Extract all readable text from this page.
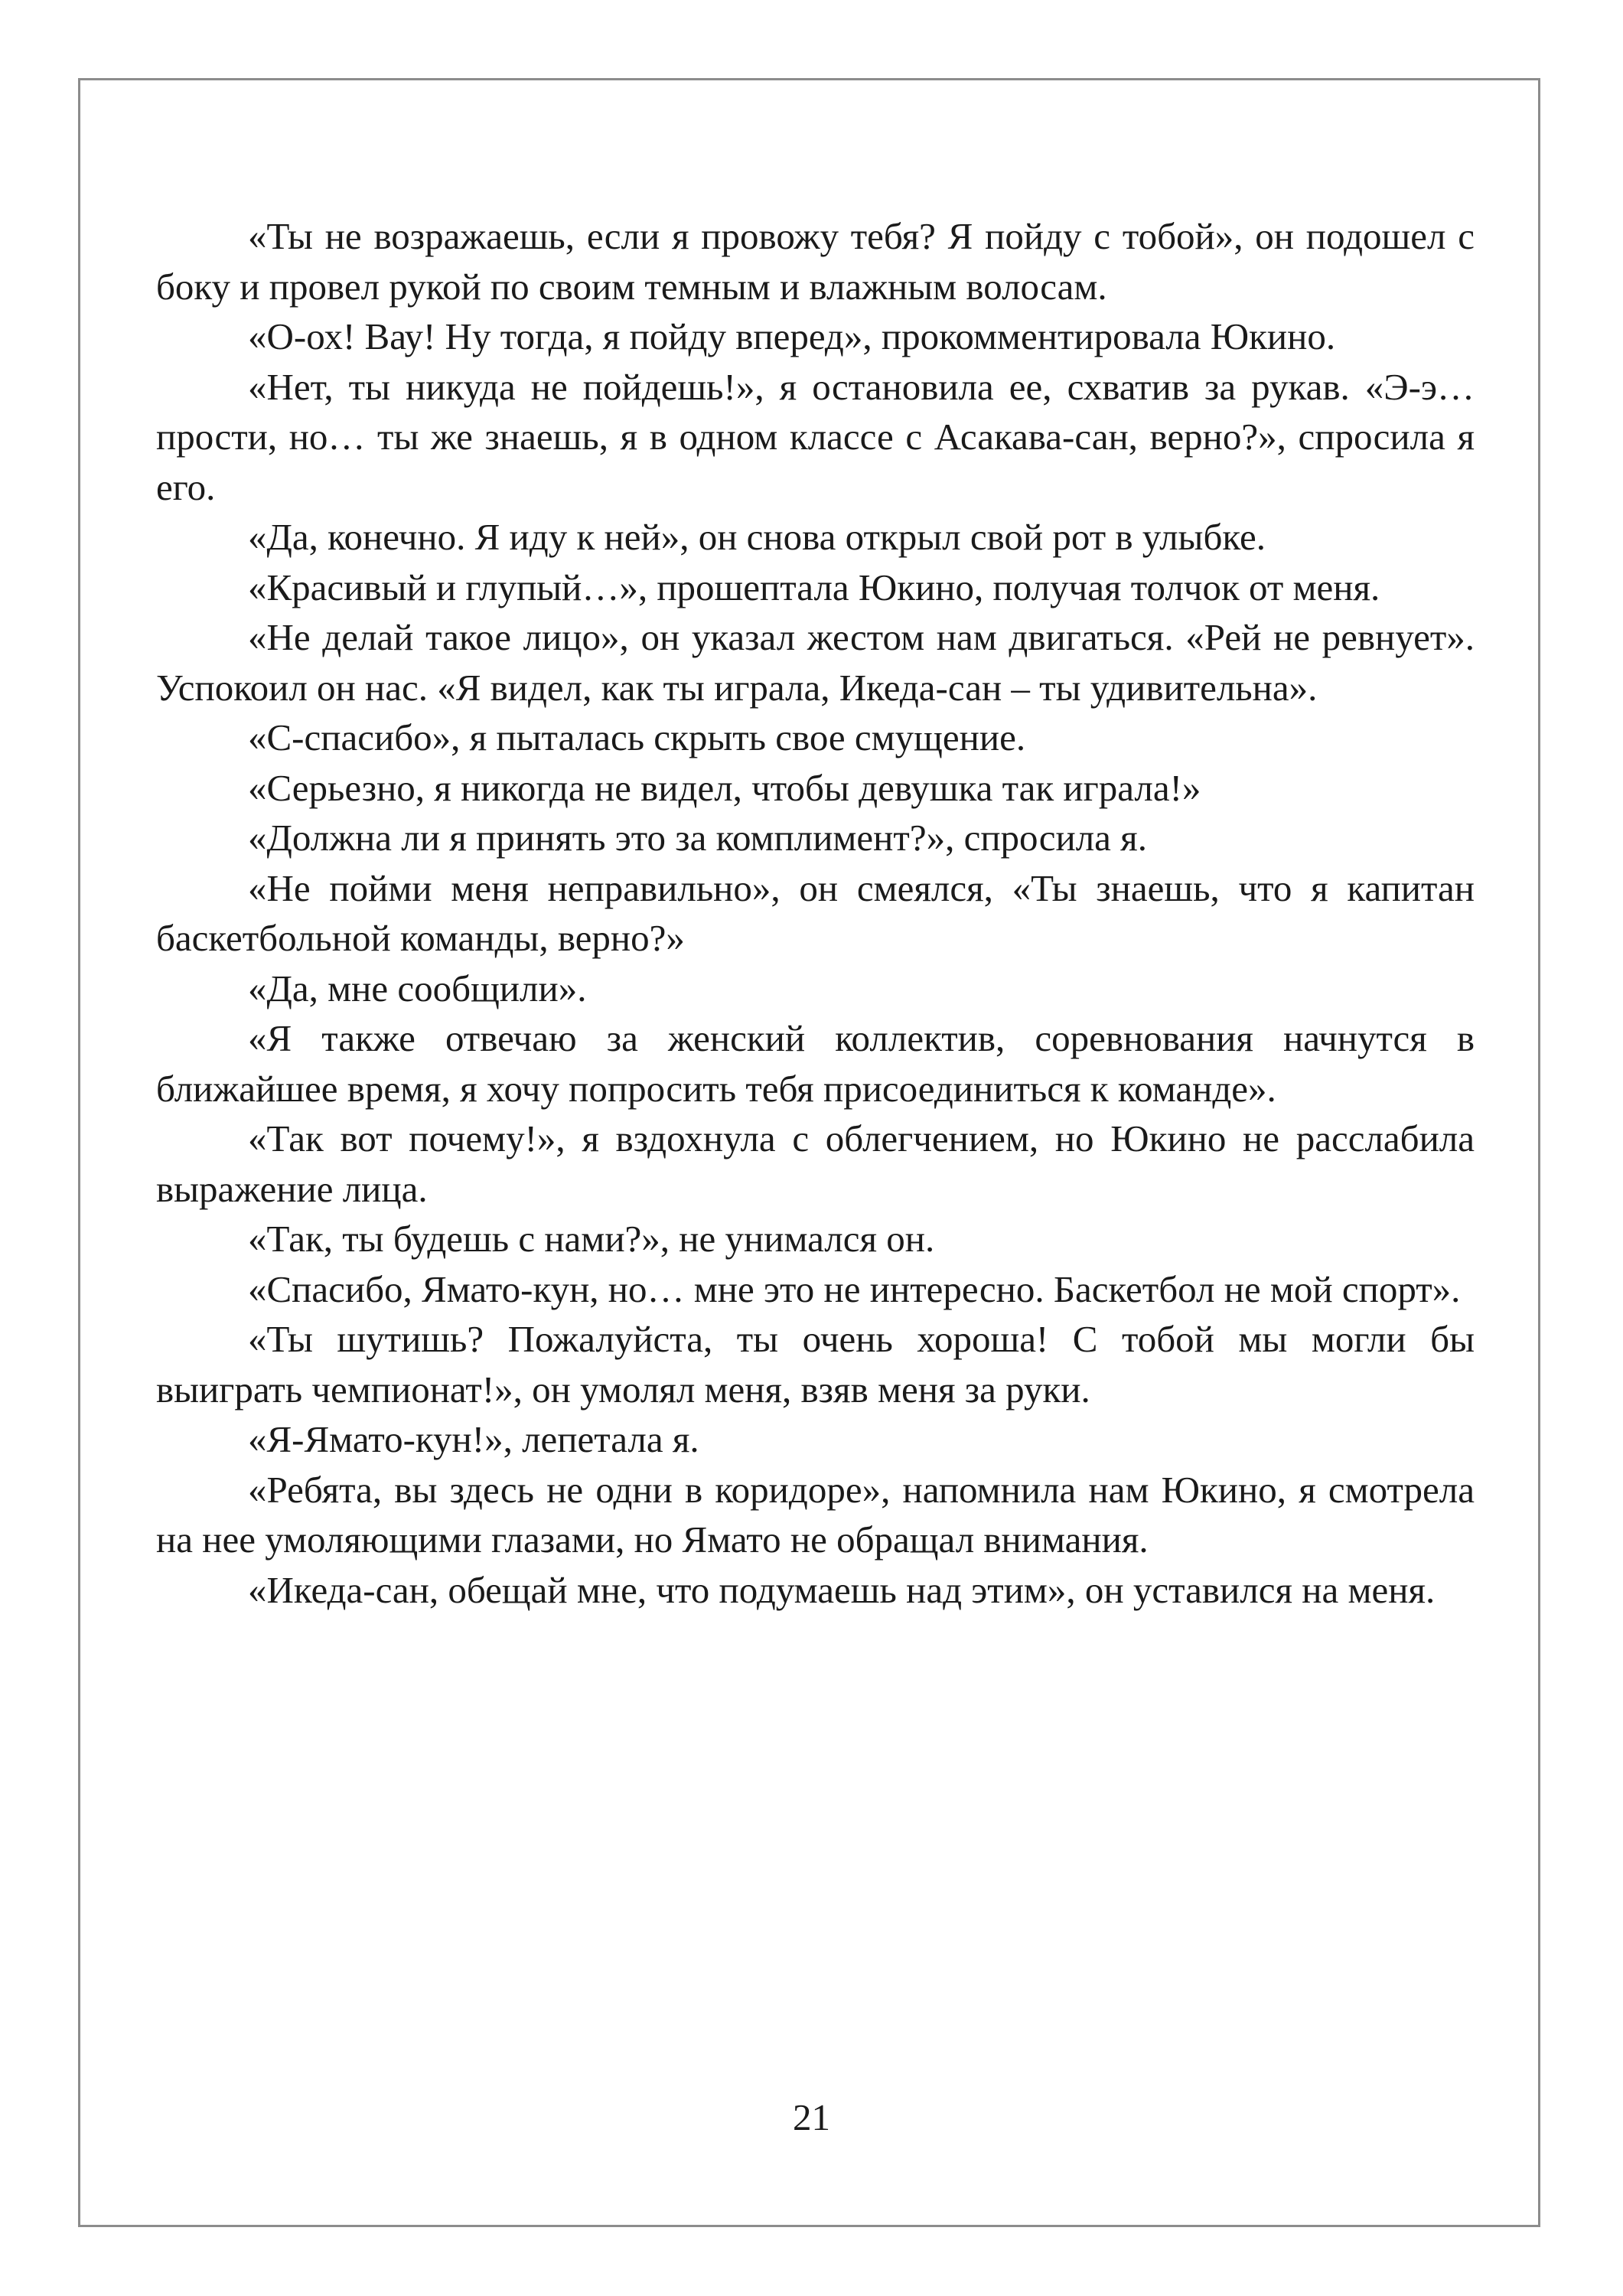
«Ты не возражаешь, если я провожу тебя? Я пойду с тобой», он подошел с боку и провел рукой по своим темным и влажным волосам.

«О-ох! Вау! Ну тогда, я пойду вперед», прокомментировала Юкино.

«Нет, ты никуда не пойдешь!», я остановила ее, схватив за рукав. «Э-э… прости, но… ты же знаешь, я в одном классе с Асакава-сан, верно?», спросила я его.

«Да, конечно. Я иду к ней», он снова открыл свой рот в улыбке.

«Красивый и глупый…», прошептала Юкино, получая толчок от меня.

«Не делай такое лицо», он указал жестом нам двигаться. «Рей не ревнует». Успокоил он нас. «Я видел, как ты играла, Икеда-сан – ты удивительна».

«С-спасибо», я пыталась скрыть свое смущение.

«Серьезно, я никогда не видел, чтобы девушка так играла!»

«Должна ли я принять это за комплимент?», спросила я.

«Не пойми меня неправильно», он смеялся, «Ты знаешь, что я капитан баскетбольной команды, верно?»

«Да, мне сообщили».

«Я также отвечаю за женский коллектив, соревнования начнутся в ближайшее время, я хочу попросить тебя присоединиться к команде».

«Так вот почему!», я вздохнула с облегчением, но Юкино не расслабила выражение лица.

«Так, ты будешь с нами?», не унимался он.

«Спасибо, Ямато-кун, но… мне это не интересно. Баскетбол не мой спорт».

«Ты шутишь? Пожалуйста, ты очень хороша! С тобой мы могли бы выиграть чемпионат!», он умолял меня, взяв меня за руки.

«Я-Ямато-кун!», лепетала я.

«Ребята, вы здесь не одни в коридоре», напомнила нам Юкино, я смотрела на нее умоляющими глазами, но Ямато не обращал внимания.

«Икеда-сан, обещай мне, что подумаешь над этим», он уставился на меня.

21
